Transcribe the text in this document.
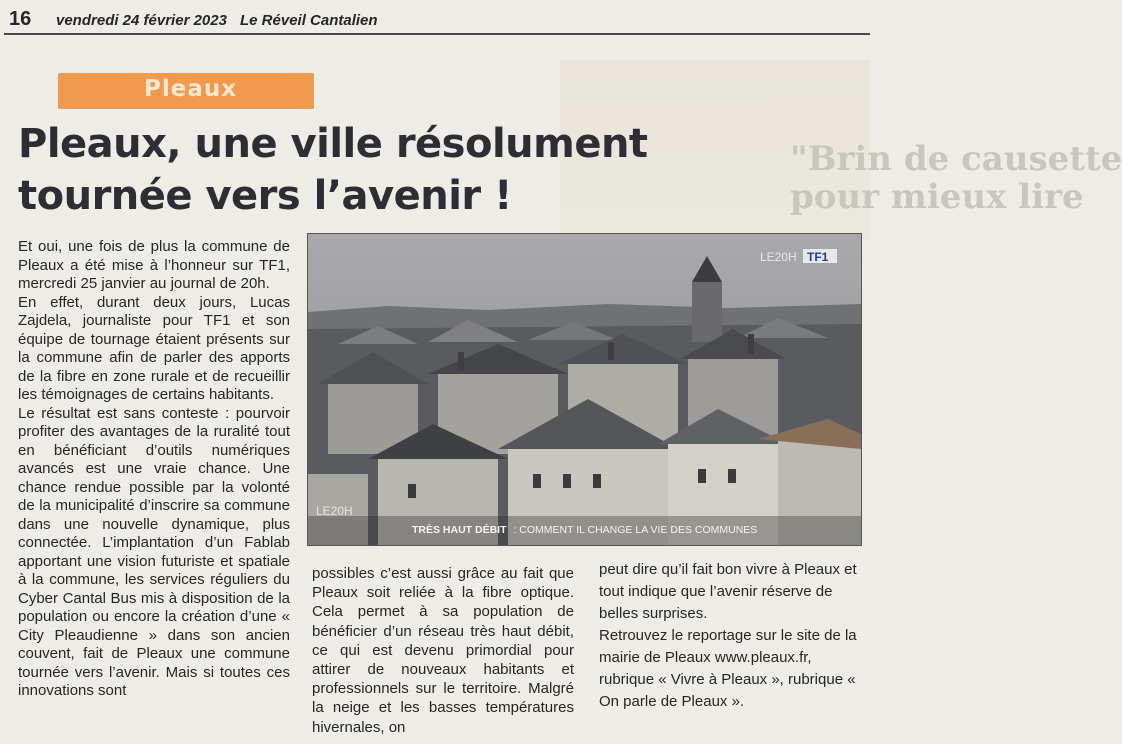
16 vendredi 24 février 2023 Le Réveil Cantalien
"Brin de causette
pour mieux lire
Pleaux
Pleaux, une ville résolument
tournée vers l’avenir !

Et oui, une fois de plus la commune de Pleaux a été mise à l’honneur sur TF1, mercredi 25 janvier au journal de 20h.

En effet, durant deux jours, Lucas Zajdela, journaliste pour TF1 et son équipe de tournage étaient présents sur la commune afin de parler des apports de la fibre en zone rurale et de recueillir les témoignages de certains habitants.

Le résultat est sans conteste : pourvoir profiter des avantages de la ruralité tout en bénéficiant d’outils numériques avancés est une vraie chance. Une chance rendue possible par la volonté de la municipalité d’inscrire sa commune dans une nouvelle dynamique, plus connectée. L’implantation d’un Fablab apportant une vision futuriste et spatiale à la commune, les services réguliers du Cyber Cantal Bus mis à disposition de la population ou encore la création d’une « City Pleaudienne » dans son ancien couvent, fait de Pleaux une commune tournée vers l’avenir. Mais si toutes ces innovations sont

LE20H TF1
LE20H
TRÈS HAUT DÉBIT : COMMENT IL CHANGE LA VIE DES COMMUNES
possibles c’est aussi grâce au fait que Pleaux soit reliée à la fibre optique. Cela permet à sa population de bénéficier d’un réseau très haut débit, ce qui est devenu primordial pour attirer de nouveaux habitants et professionnels sur le territoire. Malgré la neige et les basses températures hivernales, on

peut dire qu’il fait bon vivre à Pleaux et tout indique que l’avenir réserve de belles surprises.

Retrouvez le reportage sur le site de la mairie de Pleaux www.pleaux.fr, rubrique « Vivre à Pleaux », rubrique « On parle de Pleaux ».
